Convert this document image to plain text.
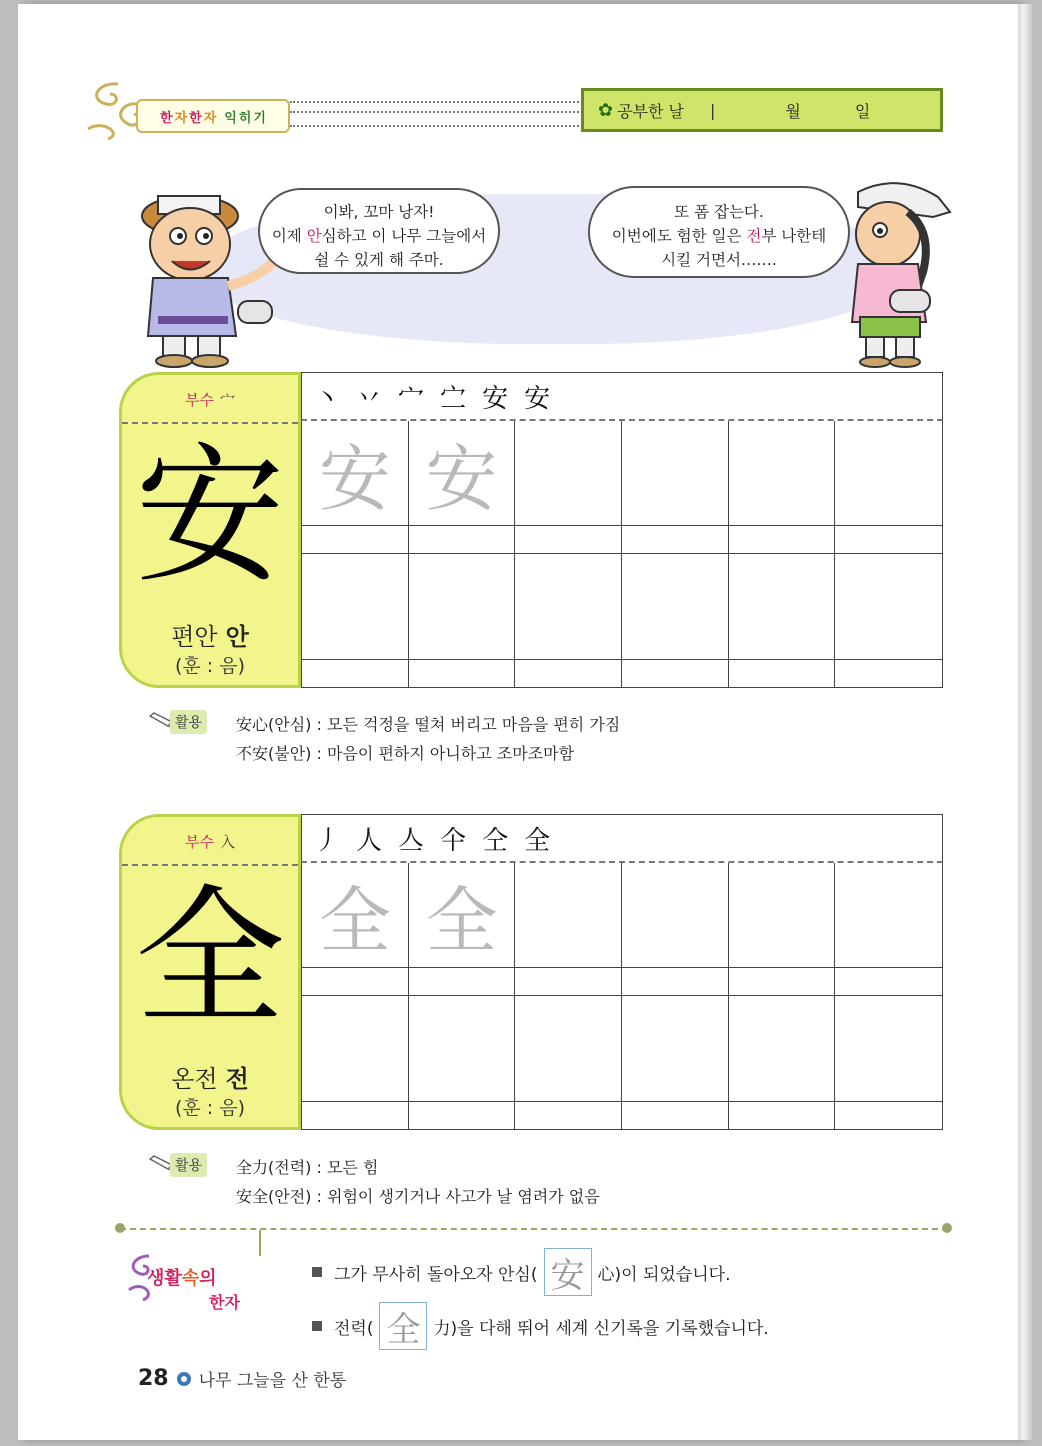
한 자 한 자 익 히 기	✿ 공부한 날 |	월	일
이봐, 꼬마 낭자!
이제 안심하고 이 나무 그늘에서
쉴 수 있게 해 주마.
또 폼 잡는다.
이번에도 험한 일은 전부 나한테
시킬 거면서…….
부수 宀
安
편안 안
(훈 : 음)
丶 丷 宀 㝉 安 安
安 安
활용	安心(안심) : 모든 걱정을 떨쳐 버리고 마음을 편히 가짐
不安(불안) : 마음이 편하지 아니하고 조마조마함
부수 入
全
온전 전
(훈 : 음)
丿 人 亼 仐 仝 全
全 全
활용	全力(전력) : 모든 힘
安全(안전) : 위험이 생기거나 사고가 날 염려가 없음
생활속의
한자
그가 무사히 돌아오자 안심( 安 心)이 되었습니다.
전력( 全 力)을 다해 뛰어 세계 신기록을 기록했습니다.
28 나무 그늘을 산 한통
